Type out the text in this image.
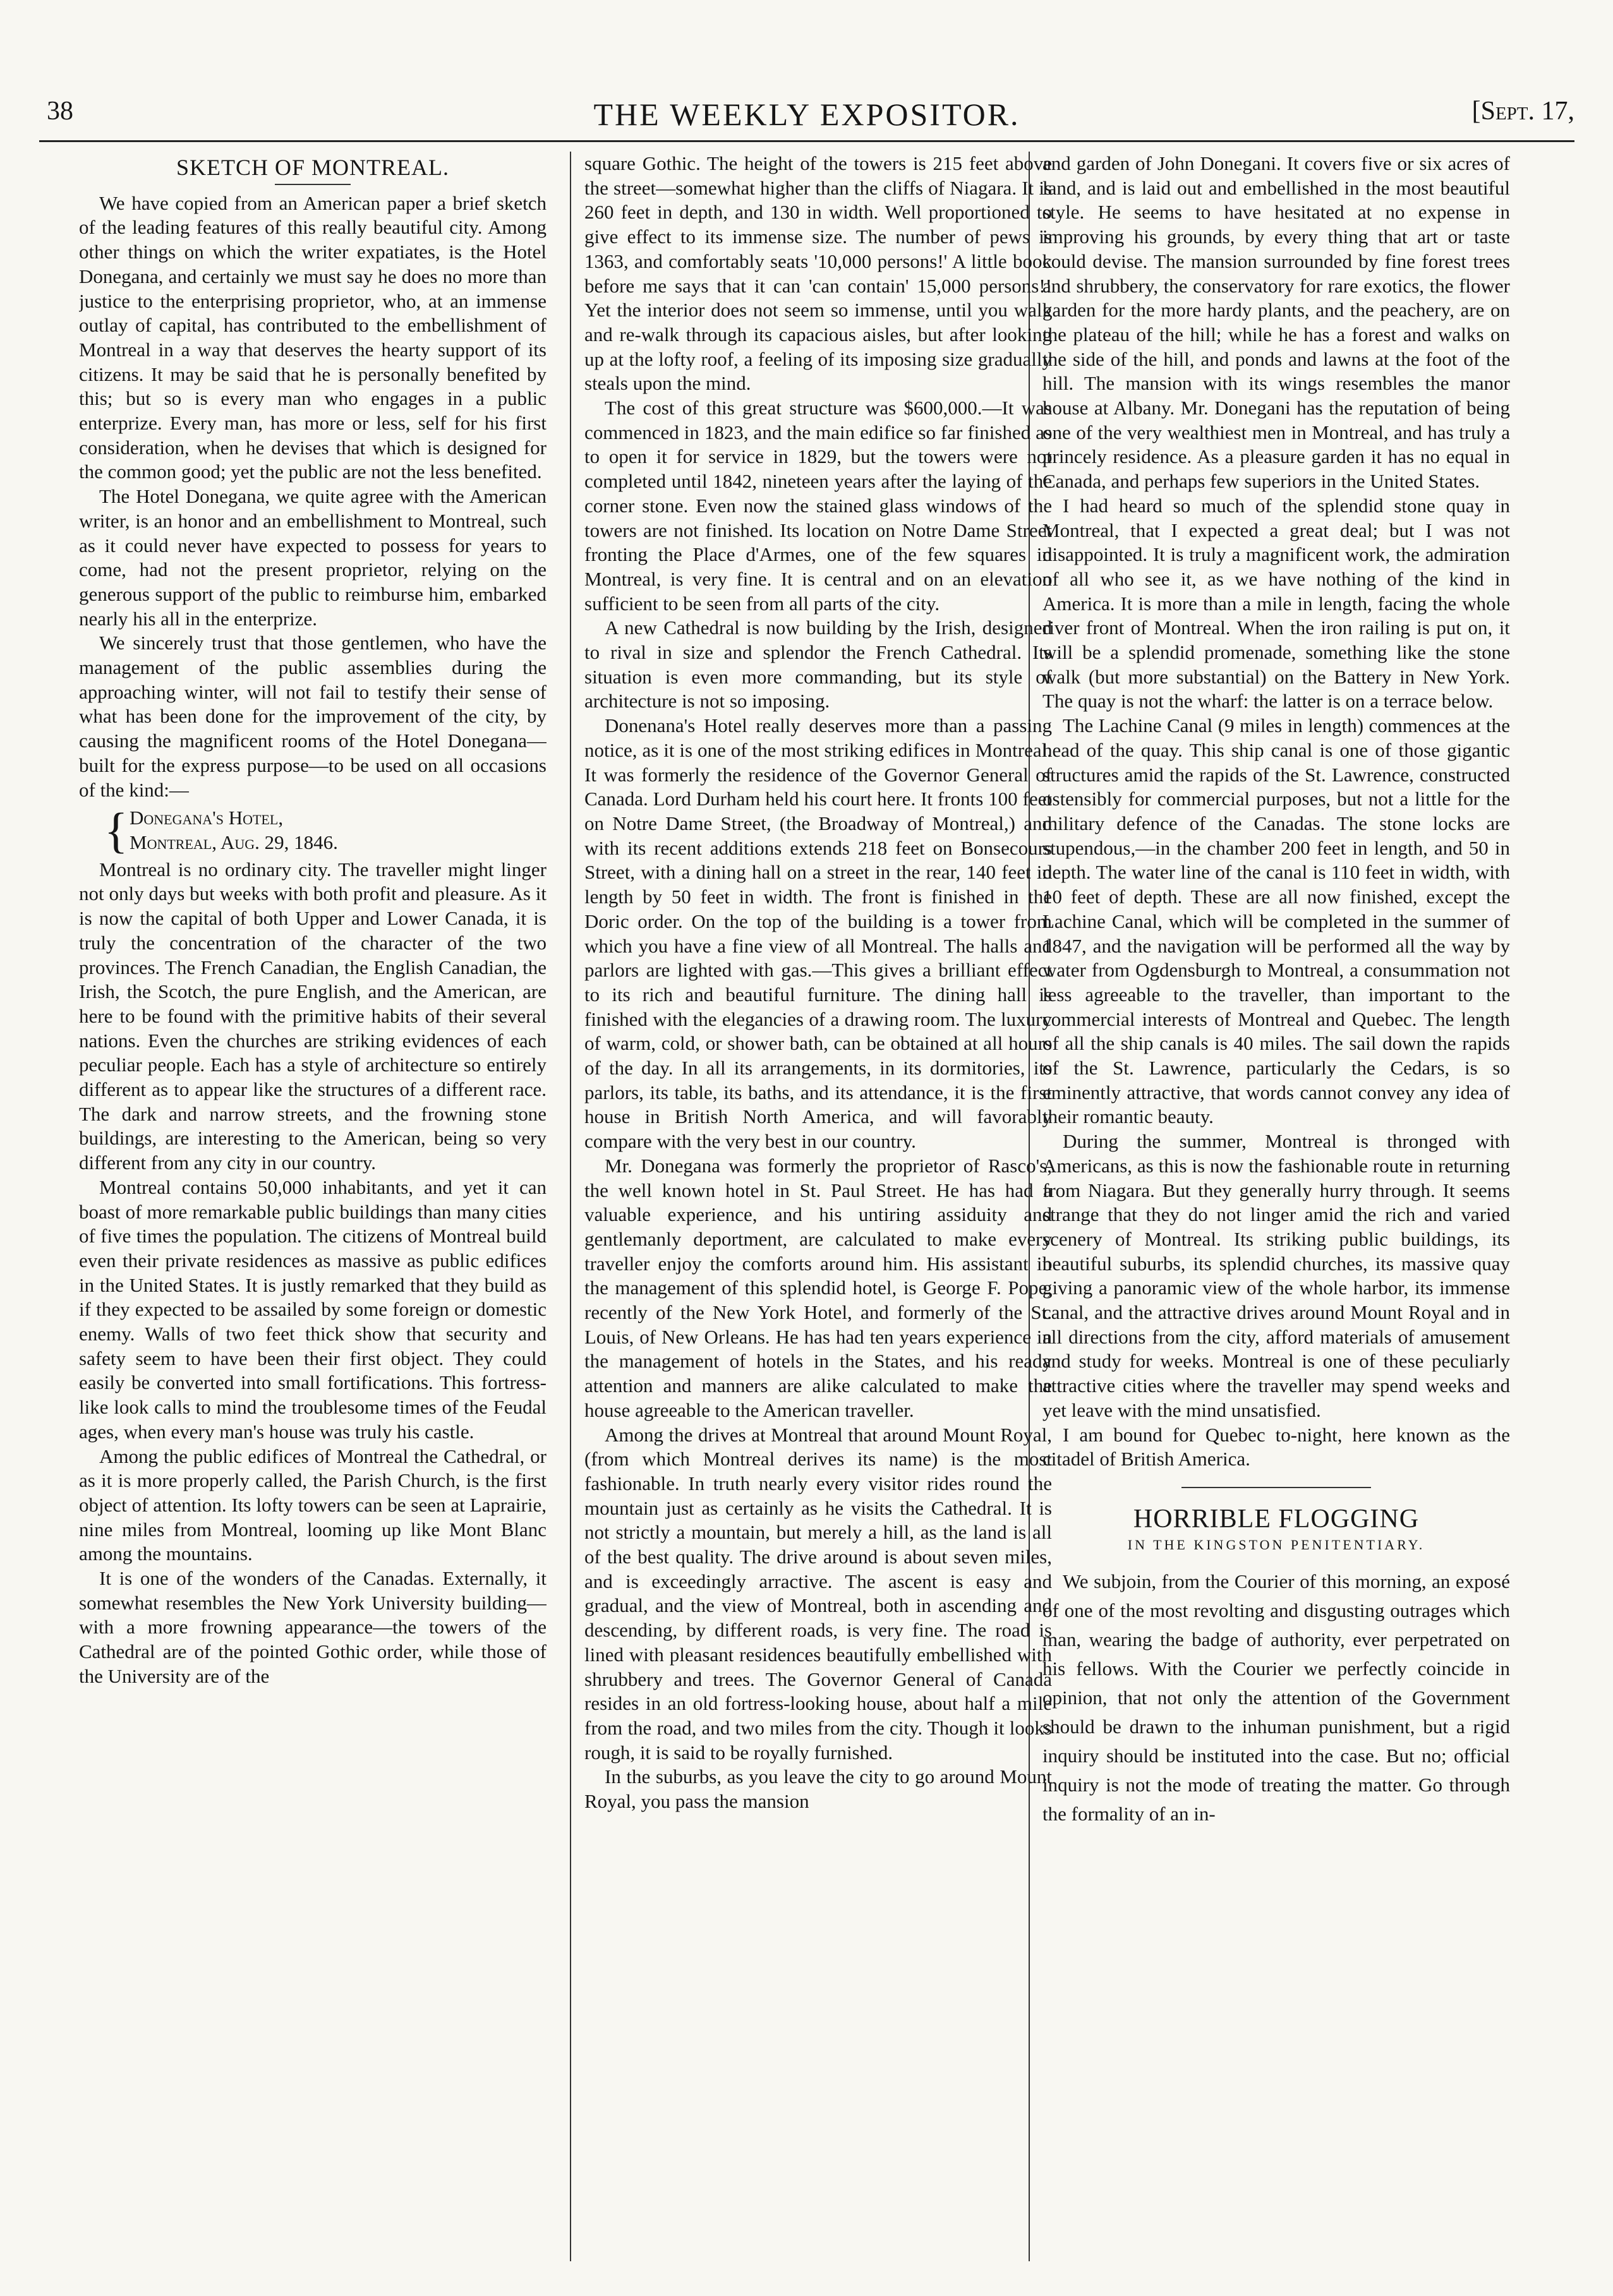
38	THE WEEKLY EXPOSITOR.	[Sept. 17,

SKETCH OF MONTREAL.

We have copied from an American paper a brief sketch of the leading features of this really beautiful city. Among other things on which the writer expatiates, is the Hotel Donegana, and certainly we must say he does no more than justice to the enterprising proprietor, who, at an immense outlay of capital, has contributed to the embellishment of Montreal in a way that deserves the hearty support of its citizens. It may be said that he is personally benefited by this; but so is every man who engages in a public enterprize. Every man, has more or less, self for his first consideration, when he devises that which is designed for the common good; yet the public are not the less benefited.

The Hotel Donegana, we quite agree with the American writer, is an honor and an embellishment to Montreal, such as it could never have expected to possess for years to come, had not the present proprietor, relying on the generous support of the public to reimburse him, embarked nearly his all in the enterprize.

We sincerely trust that those gentlemen, who have the management of the public assemblies during the approaching winter, will not fail to testify their sense of what has been done for the improvement of the city, by causing the magnificent rooms of the Hotel Donegana—built for the express purpose—to be used on all occasions of the kind:—

{ Donegana's Hotel,
Montreal, Aug. 29, 1846.

Montreal is no ordinary city. The traveller might linger not only days but weeks with both profit and pleasure. As it is now the capital of both Upper and Lower Canada, it is truly the concentration of the character of the two provinces. The French Canadian, the English Canadian, the Irish, the Scotch, the pure English, and the American, are here to be found with the primitive habits of their several nations. Even the churches are striking evidences of each peculiar people. Each has a style of architecture so entirely different as to appear like the structures of a different race. The dark and narrow streets, and the frowning stone buildings, are interesting to the American, being so very different from any city in our country.

Montreal contains 50,000 inhabitants, and yet it can boast of more remarkable public buildings than many cities of five times the population. The citizens of Montreal build even their private residences as massive as public edifices in the United States. It is justly remarked that they build as if they expected to be assailed by some foreign or domestic enemy. Walls of two feet thick show that security and safety seem to have been their first object. They could easily be converted into small fortifications. This fortress-like look calls to mind the troublesome times of the Feudal ages, when every man's house was truly his castle.

Among the public edifices of Montreal the Cathedral, or as it is more properly called, the Parish Church, is the first object of attention. Its lofty towers can be seen at Laprairie, nine miles from Montreal, looming up like Mont Blanc among the mountains.

It is one of the wonders of the Canadas. Externally, it somewhat resembles the New York University building—with a more frowning appearance—the towers of the Cathedral are of the pointed Gothic order, while those of the University are of the

square Gothic. The height of the towers is 215 feet above the street—somewhat higher than the cliffs of Niagara. It is 260 feet in depth, and 130 in width. Well proportioned to give effect to its immense size. The number of pews is 1363, and comfortably seats '10,000 persons!' A little book before me says that it can 'can contain' 15,000 persons!! Yet the interior does not seem so immense, until you walk and re-walk through its capacious aisles, but after looking up at the lofty roof, a feeling of its imposing size gradually steals upon the mind.

The cost of this great structure was $600,000.—It was commenced in 1823, and the main edifice so far finished as to open it for service in 1829, but the towers were not completed until 1842, nineteen years after the laying of the corner stone. Even now the stained glass windows of the towers are not finished. Its location on Notre Dame Street fronting the Place d'Armes, one of the few squares in Montreal, is very fine. It is central and on an elevation sufficient to be seen from all parts of the city.

A new Cathedral is now building by the Irish, designed to rival in size and splendor the French Cathedral. Its situation is even more commanding, but its style of architecture is not so imposing.

Donenana's Hotel really deserves more than a passing notice, as it is one of the most striking edifices in Montreal. It was formerly the residence of the Governor General of Canada. Lord Durham held his court here. It fronts 100 feet on Notre Dame Street, (the Broadway of Montreal,) and with its recent additions extends 218 feet on Bonsecours Street, with a dining hall on a street in the rear, 140 feet in length by 50 feet in width. The front is finished in the Doric order. On the top of the building is a tower from which you have a fine view of all Montreal. The halls and parlors are lighted with gas.—This gives a brilliant effect to its rich and beautiful furniture. The dining hall is finished with the elegancies of a drawing room. The luxury of warm, cold, or shower bath, can be obtained at all hours of the day. In all its arrangements, in its dormitories, its parlors, its table, its baths, and its attendance, it is the first house in British North America, and will favorably compare with the very best in our country.

Mr. Donegana was formerly the proprietor of Rasco's, the well known hotel in St. Paul Street. He has had a valuable experience, and his untiring assiduity and gentlemanly deportment, are calculated to make every traveller enjoy the comforts around him. His assistant in the management of this splendid hotel, is George F. Pope, recently of the New York Hotel, and formerly of the St. Louis, of New Orleans. He has had ten years experience in the management of hotels in the States, and his ready attention and manners are alike calculated to make the house agreeable to the American traveller.

Among the drives at Montreal that around Mount Royal, (from which Montreal derives its name) is the most fashionable. In truth nearly every visitor rides round the mountain just as certainly as he visits the Cathedral. It is not strictly a mountain, but merely a hill, as the land is all of the best quality. The drive around is about seven miles, and is exceedingly arractive. The ascent is easy and gradual, and the view of Montreal, both in ascending and descending, by different roads, is very fine. The road is lined with pleasant residences beautifully embellished with shrubbery and trees. The Governor General of Canada resides in an old fortress-looking house, about half a mile from the road, and two miles from the city. Though it looks rough, it is said to be royally furnished.

In the suburbs, as you leave the city to go around Mount Royal, you pass the mansion

and garden of John Donegani. It covers five or six acres of land, and is laid out and embellished in the most beautiful style. He seems to have hesitated at no expense in improving his grounds, by every thing that art or taste could devise. The mansion surrounded by fine forest trees and shrubbery, the conservatory for rare exotics, the flower garden for the more hardy plants, and the peachery, are on the plateau of the hill; while he has a forest and walks on the side of the hill, and ponds and lawns at the foot of the hill. The mansion with its wings resembles the manor house at Albany. Mr. Donegani has the reputation of being one of the very wealthiest men in Montreal, and has truly a princely residence. As a pleasure garden it has no equal in Canada, and perhaps few superiors in the United States.

I had heard so much of the splendid stone quay in Montreal, that I expected a great deal; but I was not disappointed. It is truly a magnificent work, the admiration of all who see it, as we have nothing of the kind in America. It is more than a mile in length, facing the whole river front of Montreal. When the iron railing is put on, it will be a splendid promenade, something like the stone walk (but more substantial) on the Battery in New York. The quay is not the wharf: the latter is on a terrace below.

The Lachine Canal (9 miles in length) commences at the head of the quay. This ship canal is one of those gigantic structures amid the rapids of the St. Lawrence, constructed ostensibly for commercial purposes, but not a little for the military defence of the Canadas. The stone locks are stupendous,—in the chamber 200 feet in length, and 50 in depth. The water line of the canal is 110 feet in width, with 10 feet of depth. These are all now finished, except the Lachine Canal, which will be completed in the summer of 1847, and the navigation will be performed all the way by water from Ogdensburgh to Montreal, a consummation not less agreeable to the traveller, than important to the commercial interests of Montreal and Quebec. The length of all the ship canals is 40 miles. The sail down the rapids of the St. Lawrence, particularly the Cedars, is so eminently attractive, that words cannot convey any idea of their romantic beauty.

During the summer, Montreal is thronged with Americans, as this is now the fashionable route in returning from Niagara. But they generally hurry through. It seems strange that they do not linger amid the rich and varied scenery of Montreal. Its striking public buildings, its beautiful suburbs, its splendid churches, its massive quay giving a panoramic view of the whole harbor, its immense canal, and the attractive drives around Mount Royal and in all directions from the city, afford materials of amusement and study for weeks. Montreal is one of these peculiarly attractive cities where the traveller may spend weeks and yet leave with the mind unsatisfied.

I am bound for Quebec to-night, here known as the citadel of British America.

HORRIBLE FLOGGING

IN THE KINGSTON PENITENTIARY.

We subjoin, from the Courier of this morning, an exposé of one of the most revolting and disgusting outrages which man, wearing the badge of authority, ever perpetrated on his fellows. With the Courier we perfectly coincide in opinion, that not only the attention of the Government should be drawn to the inhuman punishment, but a rigid inquiry should be instituted into the case. But no; official inquiry is not the mode of treating the matter. Go through the formality of an in-
